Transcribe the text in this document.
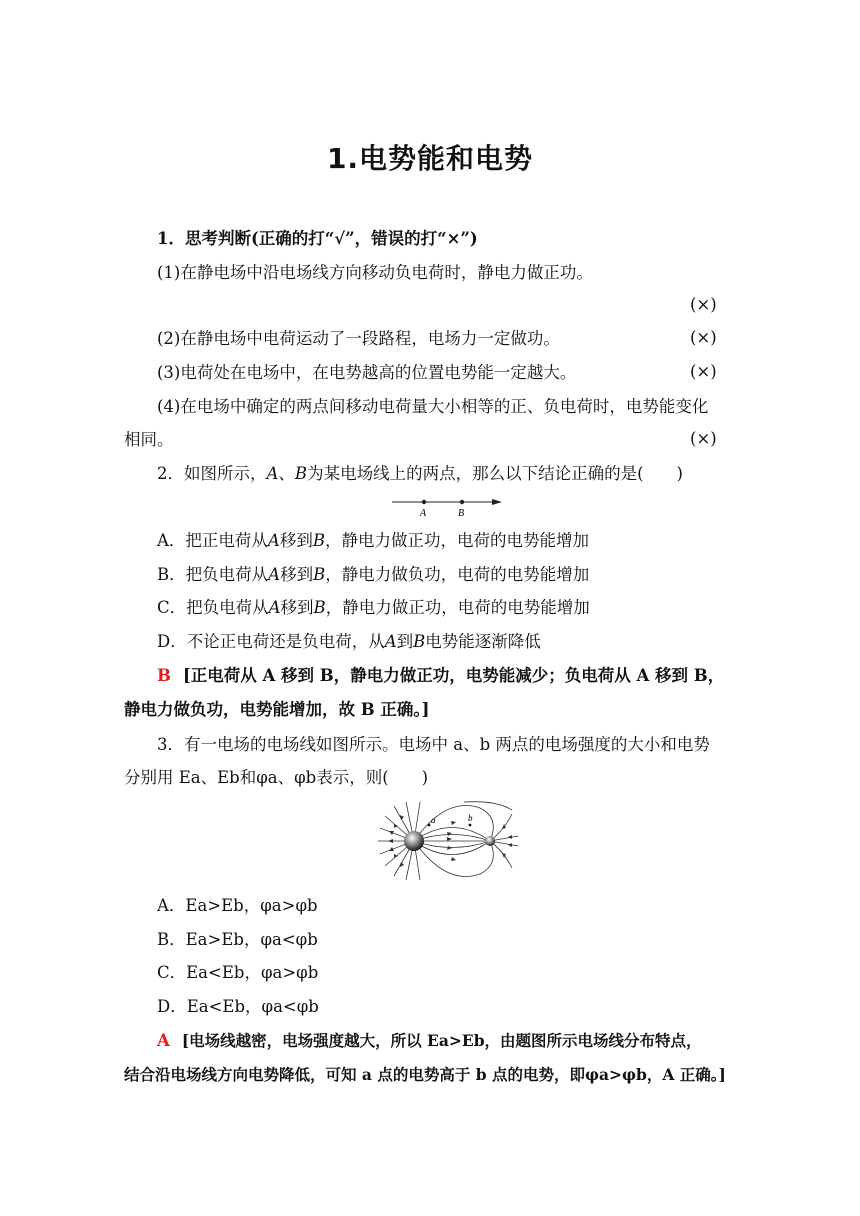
1.电势能和电势
1．思考判断(正确的打“√”，错误的打“×”)
(1)在静电场中沿电场线方向移动负电荷时，静电力做正功。
(×)
(2)在静电场中电荷运动了一段路程，电场力一定做功。	(×)
(3)电荷处在电场中，在电势越高的位置电势能一定越大。	(×)
(4)在电场中确定的两点间移动电荷量大小相等的正、负电荷时，电势能变化
相同。	(×)
2．如图所示，A、B为某电场线上的两点，那么以下结论正确的是(　　)
A	B
A．把正电荷从A移到B，静电力做正功，电荷的电势能增加
B．把负电荷从A移到B，静电力做负功，电荷的电势能增加
C．把负电荷从A移到B，静电力做正功，电荷的电势能增加
D．不论正电荷还是负电荷，从A到B电势能逐渐降低
B [正电荷从 A 移到 B，静电力做正功，电势能减少；负电荷从 A 移到 B，
静电力做负功，电势能增加，故 B 正确。]
3．有一电场的电场线如图所示。电场中 a、b 两点的电场强度的大小和电势
分别用 Ea、Eb和φa、φb表示，则(　　)
a	b
A．Ea>Eb，φa>φb
B．Ea>Eb，φa<φb
C．Ea<Eb，φa>φb
D．Ea<Eb，φa<φb
A [电场线越密，电场强度越大，所以 Ea>Eb，由题图所示电场线分布特点，
结合沿电场线方向电势降低，可知 a 点的电势高于 b 点的电势，即φa>φb，A 正确。]
